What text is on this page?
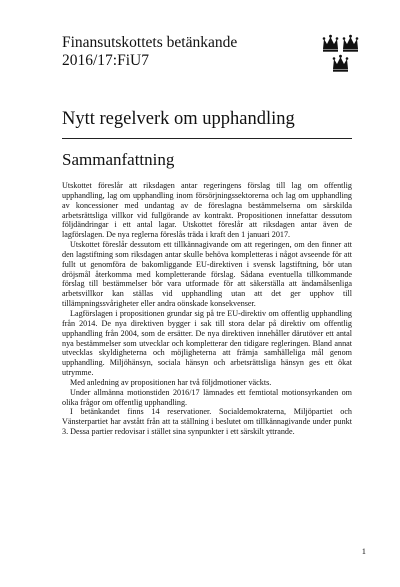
Finansutskottets betänkande
2016/17:FiU7
Nytt regelverk om upphandling
Sammanfattning

Utskottet föreslår att riksdagen antar regeringens förslag till lag om offentlig upphandling, lag om upphandling inom försörjningssektorerna och lag om upphandling av koncessioner med undantag av de föreslagna bestämmelserna om särskilda arbetsrättsliga villkor vid fullgörande av kontrakt. Propositionen innefattar dessutom följdändringar i ett antal lagar. Utskottet föreslår att riksdagen antar även de lagförslagen. De nya reglerna föreslås träda i kraft den 1 januari 2017.

Utskottet föreslår dessutom ett tillkännagivande om att regeringen, om den finner att den lagstiftning som riksdagen antar skulle behöva kompletteras i något avseende för att fullt ut genomföra de bakomliggande EU-direktiven i svensk lagstiftning, bör utan dröjsmål återkomma med kompletterande förslag. Sådana eventuella tillkommande förslag till bestämmelser bör vara utformade för att säkerställa att ändamålsenliga arbetsvillkor kan ställas vid upphandling utan att det ger upphov till tillämpningssvårigheter eller andra oönskade konsekvenser.

Lagförslagen i propositionen grundar sig på tre EU-direktiv om offentlig upphandling från 2014. De nya direktiven bygger i sak till stora delar på direktiv om offentlig upphandling från 2004, som de ersätter. De nya direktiven innehåller därutöver ett antal nya bestämmelser som utvecklar och kompletterar den tidigare regleringen. Bland annat utvecklas skyldigheterna och möjligheterna att främja samhälleliga mål genom upphandling. Miljöhänsyn, sociala hänsyn och arbetsrättsliga hänsyn ges ett ökat utrymme.

Med anledning av propositionen har två följdmotioner väckts.

Under allmänna motionstiden 2016/17 lämnades ett femtiotal motionsyrkanden om olika frågor om offentlig upphandling.

I betänkandet finns 14 reservationer. Socialdemokraterna, Miljöpartiet och Vänsterpartiet har avstått från att ta ställning i beslutet om tillkännagivande under punkt 3. Dessa partier redovisar i stället sina synpunkter i ett särskilt yttrande.

1
